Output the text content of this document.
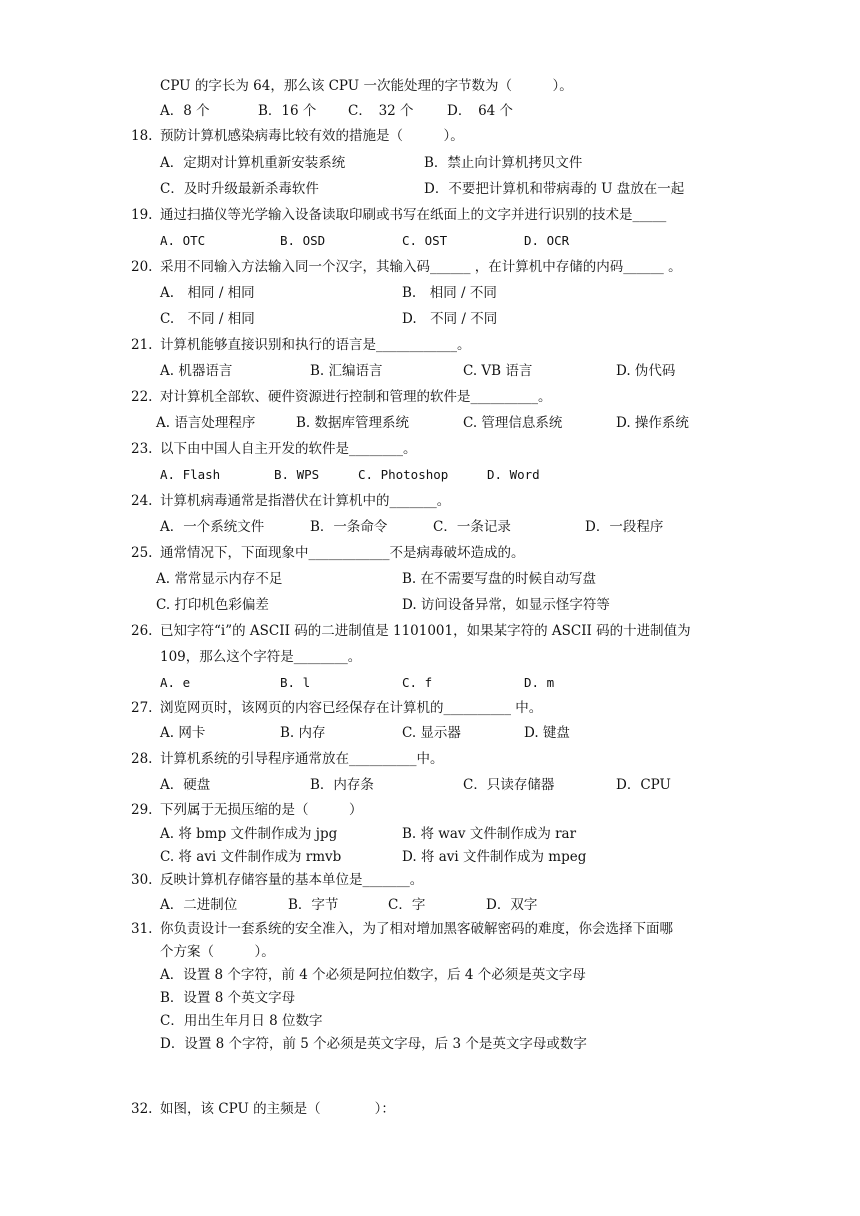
CPU 的字长为 64，那么该 CPU 一次能处理的字节数为（　　　）。
A．8 个	B．16 个 C．　32 个 D．　64 个
18. 预防计算机感染病毒比较有效的措施是（　　　）。
A．定期对计算机重新安装系统	B．禁止向计算机拷贝文件
C．及时升级最新杀毒软件	D．不要把计算机和带病毒的 U 盘放在一起
19. 通过扫描仪等光学输入设备读取印刷或书写在纸面上的文字并进行识别的技术是_____
A. OTC	B. OSD	C. OST	D. OCR
20. 采用不同输入方法输入同一个汉字，其输入码______ ，在计算机中存储的内码______ 。
A.　相同 / 相同	B.　相同 / 不同
C.　不同 / 相同	D.　不同 / 不同
21. 计算机能够直接识别和执行的语言是____________。
A. 机器语言	B. 汇编语言	C. VB 语言	D. 伪代码
22. 对计算机全部软、硬件资源进行控制和管理的软件是__________。
A. 语言处理程序	B. 数据库管理系统	C. 管理信息系统	D. 操作系统
23. 以下由中国人自主开发的软件是________。
A. Flash	B. WPS	C. Photoshop	D. Word
24. 计算机病毒通常是指潜伏在计算机中的_______。
A．一个系统文件	B．一条命令	C．一条记录	D．一段程序
25. 通常情况下，下面现象中____________不是病毒破坏造成的。
A. 常常显示内存不足	B. 在不需要写盘的时候自动写盘
C. 打印机色彩偏差	D. 访问设备异常，如显示怪字符等
26. 已知字符“i”的 ASCII 码的二进制值是 1101001，如果某字符的 ASCII 码的十进制值为
109，那么这个字符是________。
A. e	B. l	C. f	D. m
27. 浏览网页时，该网页的内容已经保存在计算机的__________ 中。
A. 网卡	B. 内存	C. 显示器	D. 键盘
28. 计算机系统的引导程序通常放在__________中。
A．硬盘	B．内存条	C．只读存储器	D．CPU
29. 下列属于无损压缩的是（　　　）
A. 将 bmp 文件制作成为 jpg	B. 将 wav 文件制作成为 rar
C. 将 avi 文件制作成为 rmvb	D. 将 avi 文件制作成为 mpeg
30. 反映计算机存储容量的基本单位是_______。
A．二进制位	B．字节	C．字	D．双字
31. 你负责设计一套系统的安全准入，为了相对增加黑客破解密码的难度，你会选择下面哪
个方案（　　　）。
A．设置 8 个字符，前 4 个必须是阿拉伯数字，后 4 个必须是英文字母
B．设置 8 个英文字母
C．用出生年月日 8 位数字
D．设置 8 个字符，前 5 个必须是英文字母，后 3 个是英文字母或数字
32. 如图，该 CPU 的主频是（　　　　）：
